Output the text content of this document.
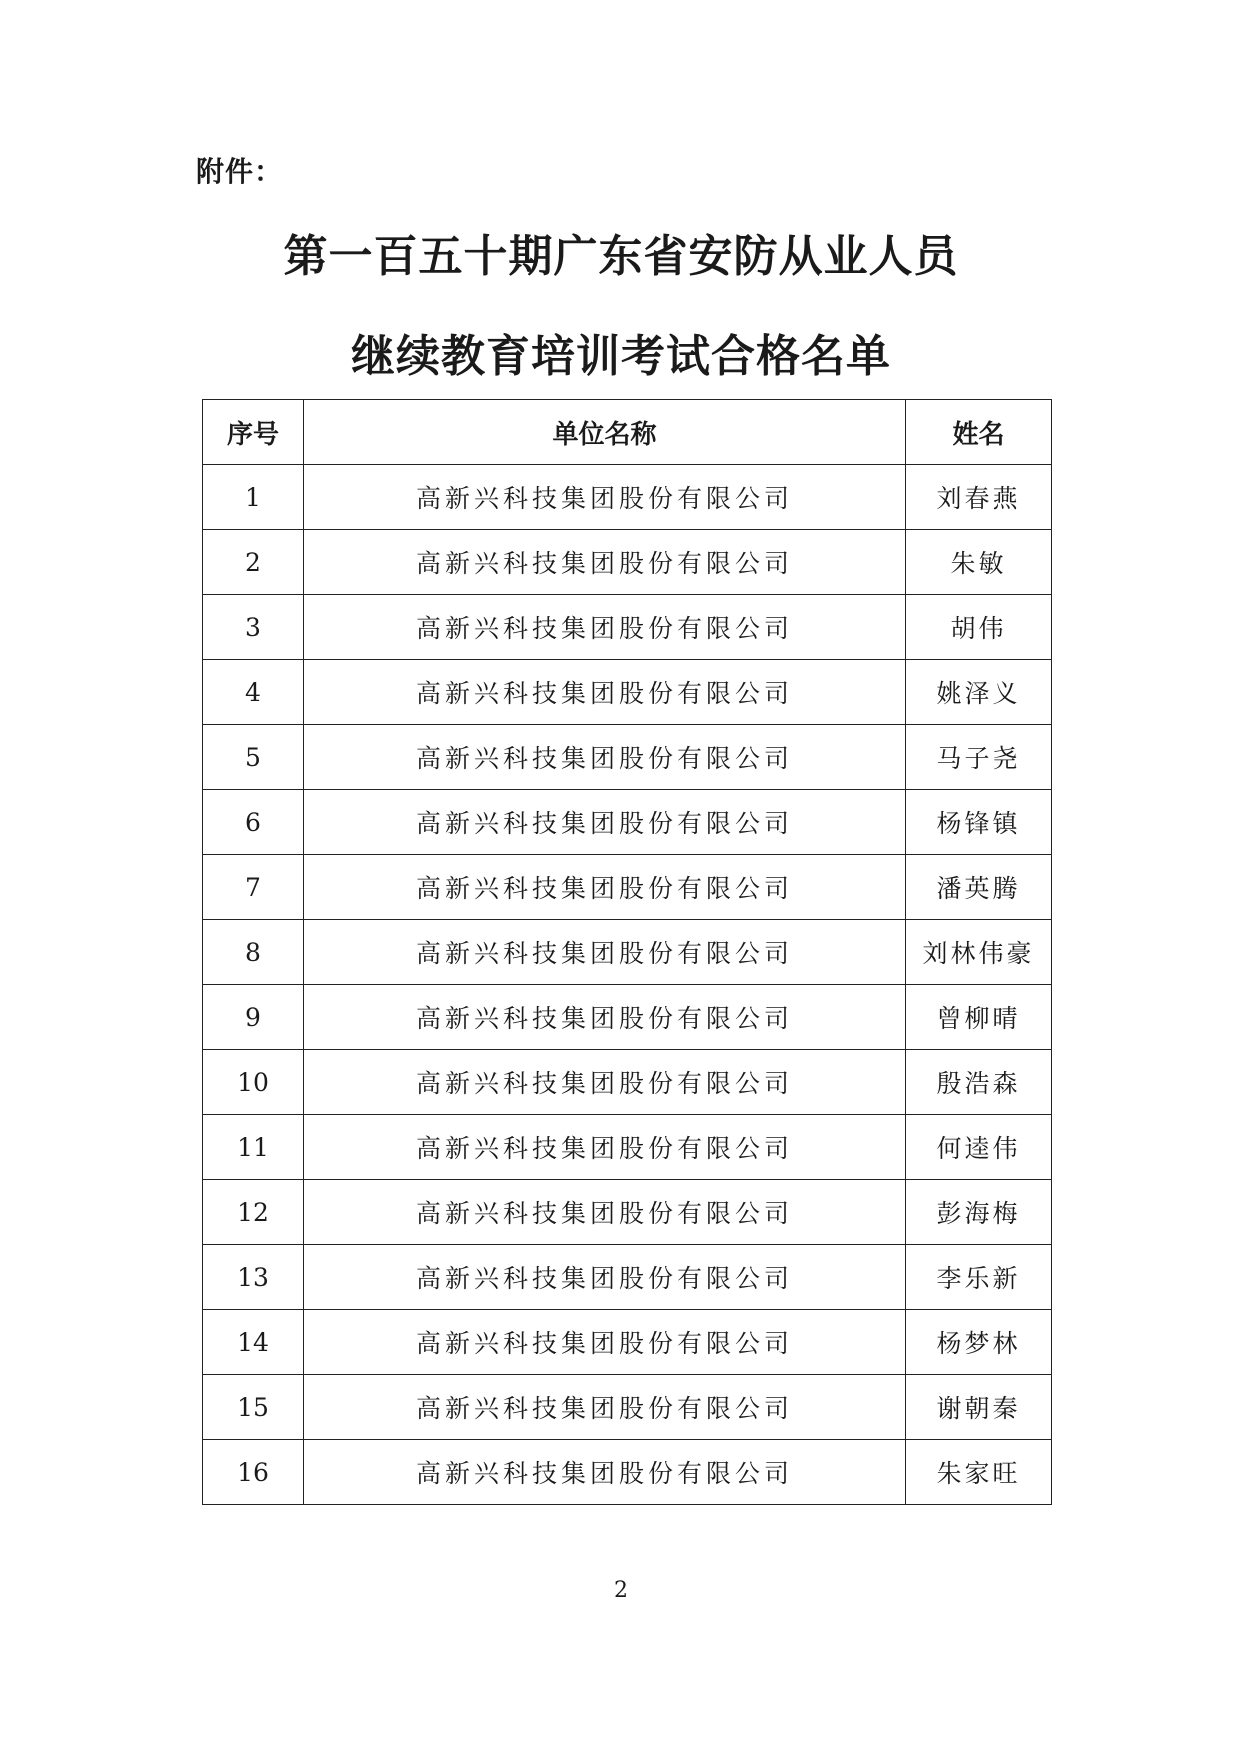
附件：
第一百五十期广东省安防从业人员
继续教育培训考试合格名单
序号	单位名称	姓名
1	高新兴科技集团股份有限公司	刘春燕
2	高新兴科技集团股份有限公司	朱敏
3	高新兴科技集团股份有限公司	胡伟
4	高新兴科技集团股份有限公司	姚泽义
5	高新兴科技集团股份有限公司	马子尧
6	高新兴科技集团股份有限公司	杨锋镇
7	高新兴科技集团股份有限公司	潘英腾
8	高新兴科技集团股份有限公司	刘林伟豪
9	高新兴科技集团股份有限公司	曾柳晴
10	高新兴科技集团股份有限公司	殷浩森
11	高新兴科技集团股份有限公司	何逵伟
12	高新兴科技集团股份有限公司	彭海梅
13	高新兴科技集团股份有限公司	李乐新
14	高新兴科技集团股份有限公司	杨梦林
15	高新兴科技集团股份有限公司	谢朝秦
16	高新兴科技集团股份有限公司	朱家旺
2
